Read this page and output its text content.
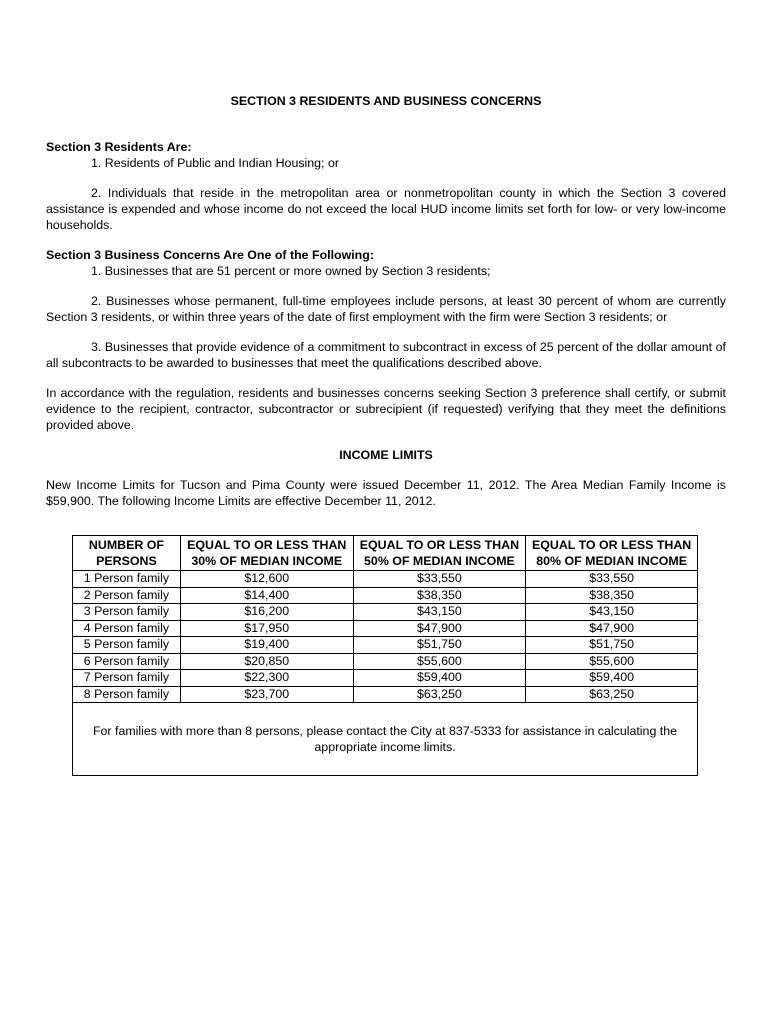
SECTION 3 RESIDENTS AND BUSINESS CONCERNS

Section 3 Residents Are:

1. Residents of Public and Indian Housing; or

2. Individuals that reside in the metropolitan area or nonmetropolitan county in which the Section 3 covered assistance is expended and whose income do not exceed the local HUD income limits set forth for low- or very low-income households.

Section 3 Business Concerns Are One of the Following:

1. Businesses that are 51 percent or more owned by Section 3 residents;

2. Businesses whose permanent, full-time employees include persons, at least 30 percent of whom are currently Section 3 residents, or within three years of the date of first employment with the firm were Section 3 residents; or

3. Businesses that provide evidence of a commitment to subcontract in excess of 25 percent of the dollar amount of all subcontracts to be awarded to businesses that meet the qualifications described above.

In accordance with the regulation, residents and businesses concerns seeking Section 3 preference shall certify, or submit evidence to the recipient, contractor, subcontractor or subrecipient (if requested) verifying that they meet the definitions provided above.

INCOME LIMITS

New Income Limits for Tucson and Pima County were issued December 11, 2012. The Area Median Family Income is $59,900. The following Income Limits are effective December 11, 2012.

NUMBER OF PERSONS	EQUAL TO OR LESS THAN 30% OF MEDIAN INCOME	EQUAL TO OR LESS THAN 50% OF MEDIAN INCOME	EQUAL TO OR LESS THAN 80% OF MEDIAN INCOME
1 Person family	$12,600	$33,550	$33,550
2 Person family	$14,400	$38,350	$38,350
3 Person family	$16,200	$43,150	$43,150
4 Person family	$17,950	$47,900	$47,900
5 Person family	$19,400	$51,750	$51,750
6 Person family	$20,850	$55,600	$55,600
7 Person family	$22,300	$59,400	$59,400
8 Person family	$23,700	$63,250	$63,250
For families with more than 8 persons, please contact the City at 837-5333 for assistance in calculating the appropriate income limits.			
